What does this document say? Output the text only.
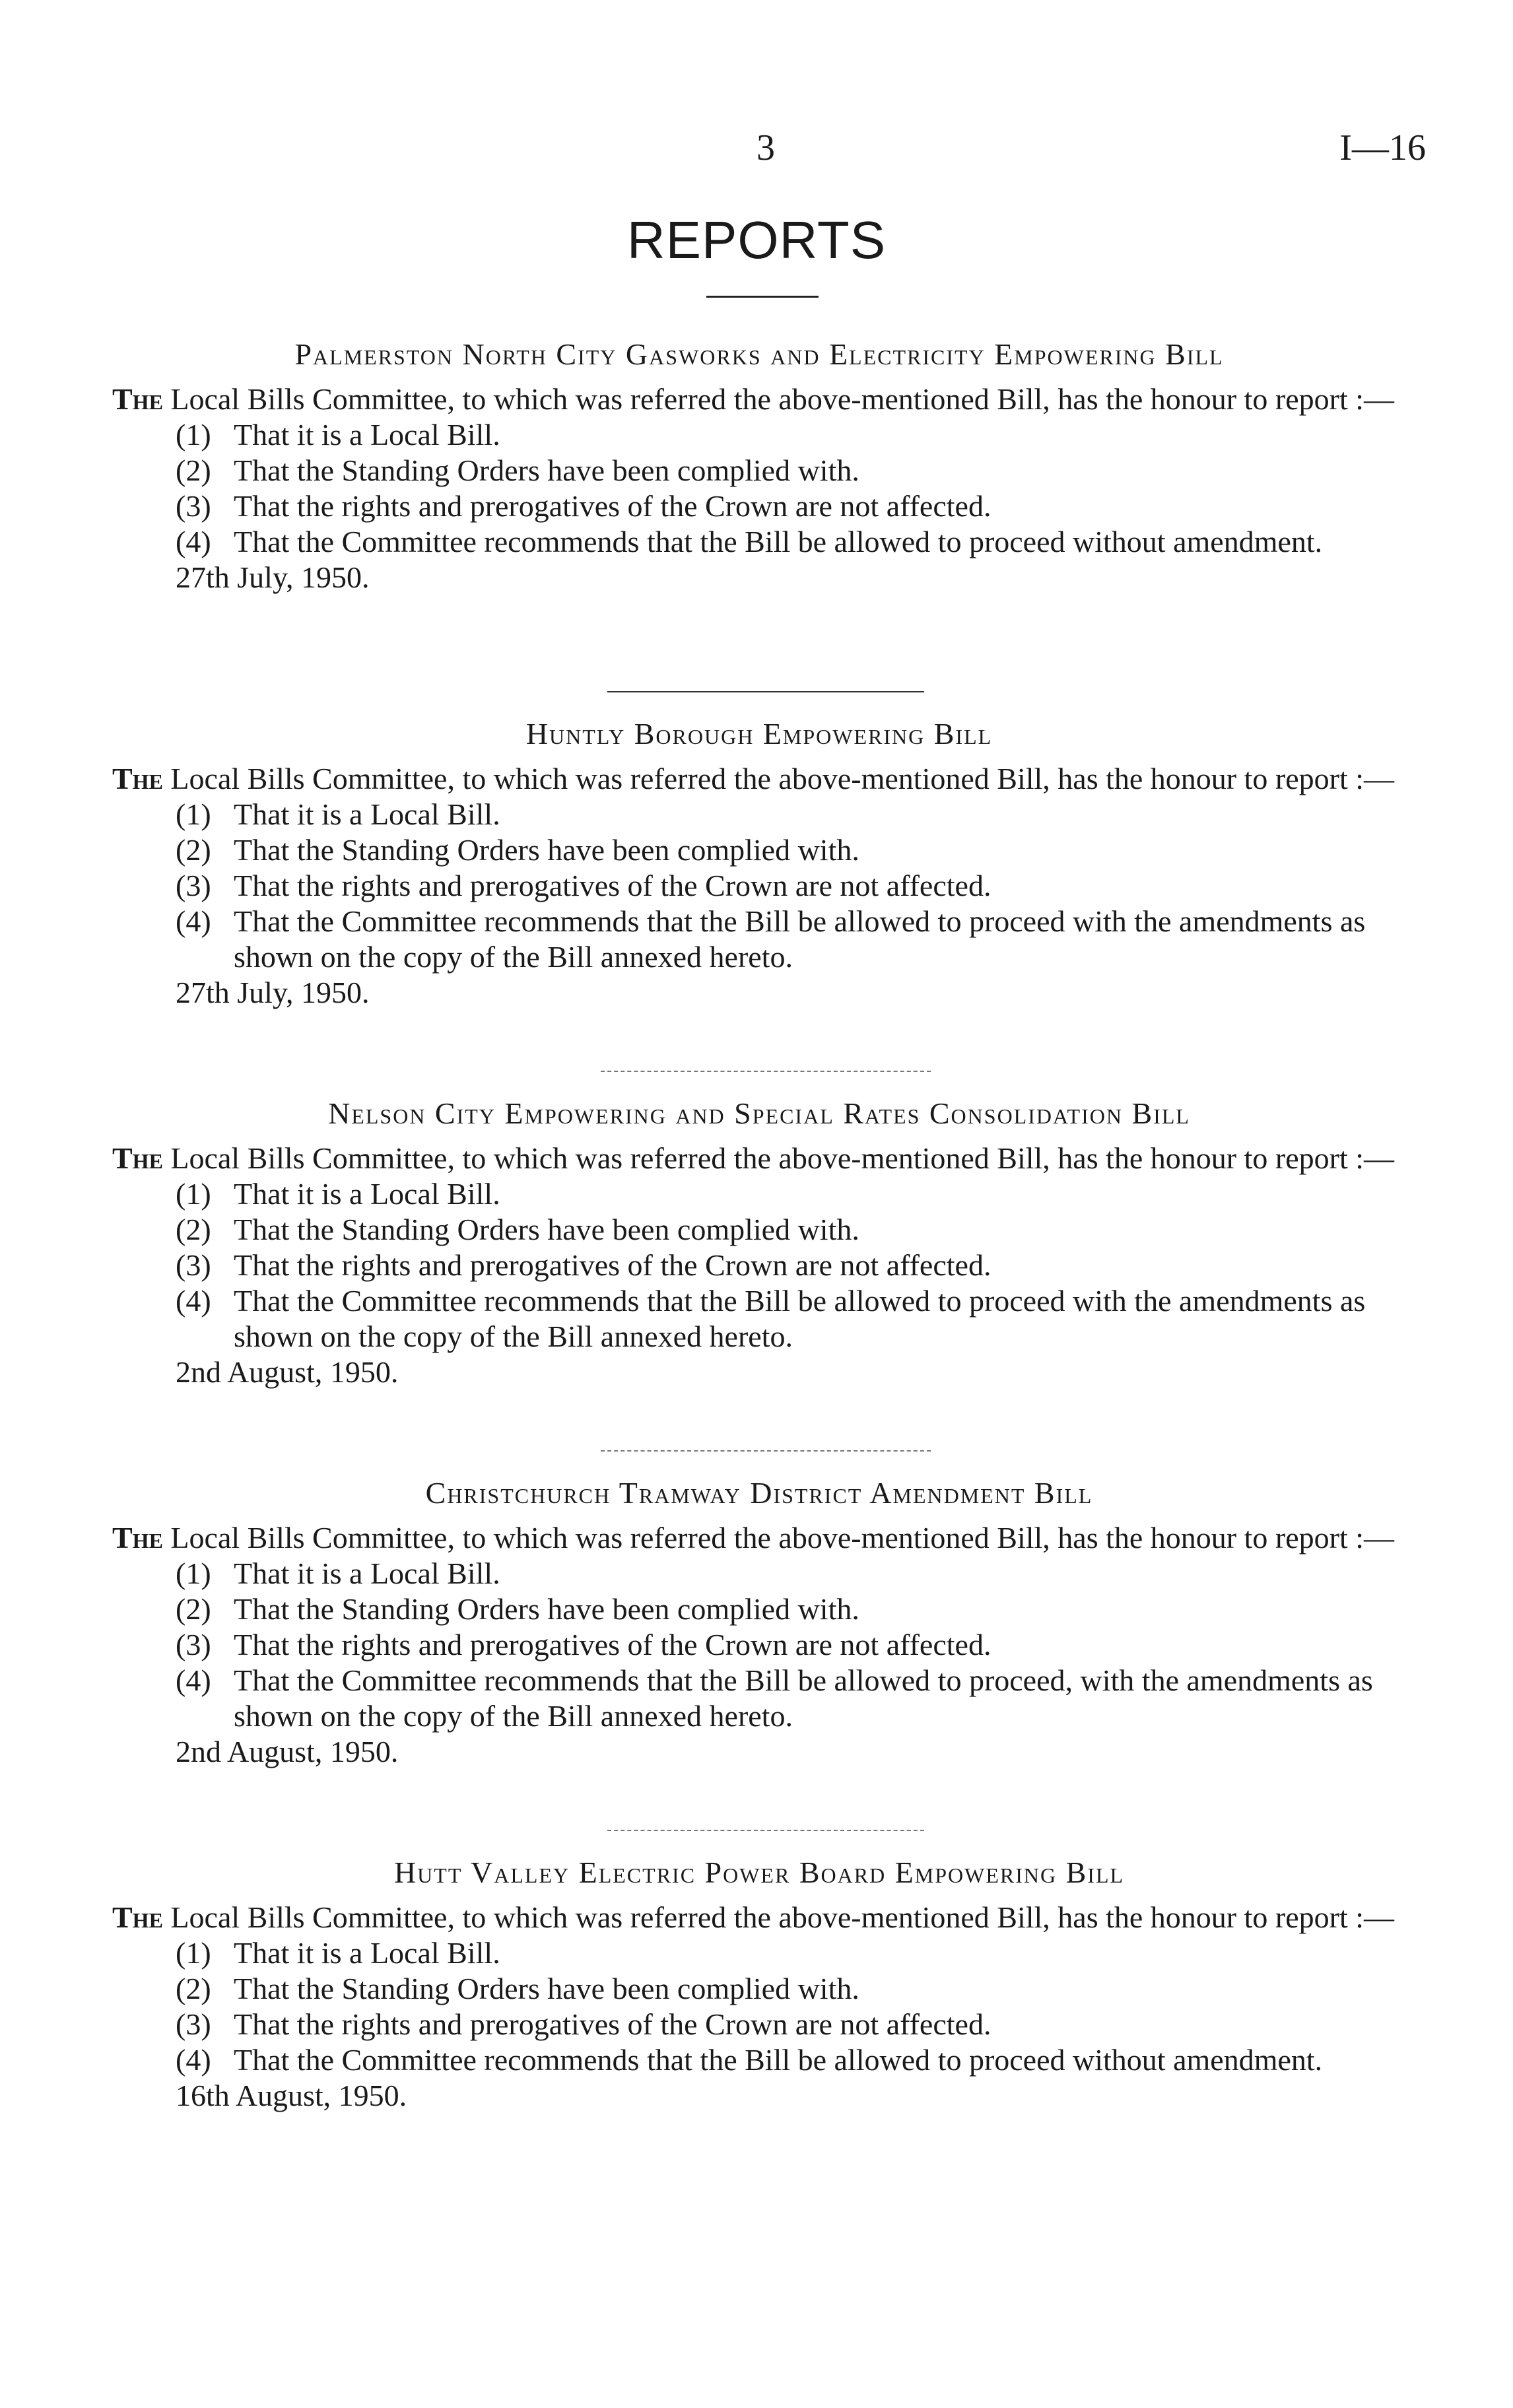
3	I—16
REPORTS
Palmerston North City Gasworks and Electricity Empowering Bill
The Local Bills Committee, to which was referred the above-mentioned Bill, has the honour to report :—
(1) That it is a Local Bill.
(2) That the Standing Orders have been complied with.
(3) That the rights and prerogatives of the Crown are not affected.
(4) That the Committee recommends that the Bill be allowed to proceed without amendment.
27th July, 1950.
Huntly Borough Empowering Bill
The Local Bills Committee, to which was referred the above-mentioned Bill, has the honour to report :—
(1) That it is a Local Bill.
(2) That the Standing Orders have been complied with.
(3) That the rights and prerogatives of the Crown are not affected.
(4) That the Committee recommends that the Bill be allowed to proceed with the amendments as shown on the copy of the Bill annexed hereto.
27th July, 1950.
Nelson City Empowering and Special Rates Consolidation Bill
The Local Bills Committee, to which was referred the above-mentioned Bill, has the honour to report :—
(1) That it is a Local Bill.
(2) That the Standing Orders have been complied with.
(3) That the rights and prerogatives of the Crown are not affected.
(4) That the Committee recommends that the Bill be allowed to proceed with the amendments as shown on the copy of the Bill annexed hereto.
2nd August, 1950.
Christchurch Tramway District Amendment Bill
The Local Bills Committee, to which was referred the above-mentioned Bill, has the honour to report :—
(1) That it is a Local Bill.
(2) That the Standing Orders have been complied with.
(3) That the rights and prerogatives of the Crown are not affected.
(4) That the Committee recommends that the Bill be allowed to proceed, with the amendments as shown on the copy of the Bill annexed hereto.
2nd August, 1950.
Hutt Valley Electric Power Board Empowering Bill
The Local Bills Committee, to which was referred the above-mentioned Bill, has the honour to report :—
(1) That it is a Local Bill.
(2) That the Standing Orders have been complied with.
(3) That the rights and prerogatives of the Crown are not affected.
(4) That the Committee recommends that the Bill be allowed to proceed without amendment.
16th August, 1950.
